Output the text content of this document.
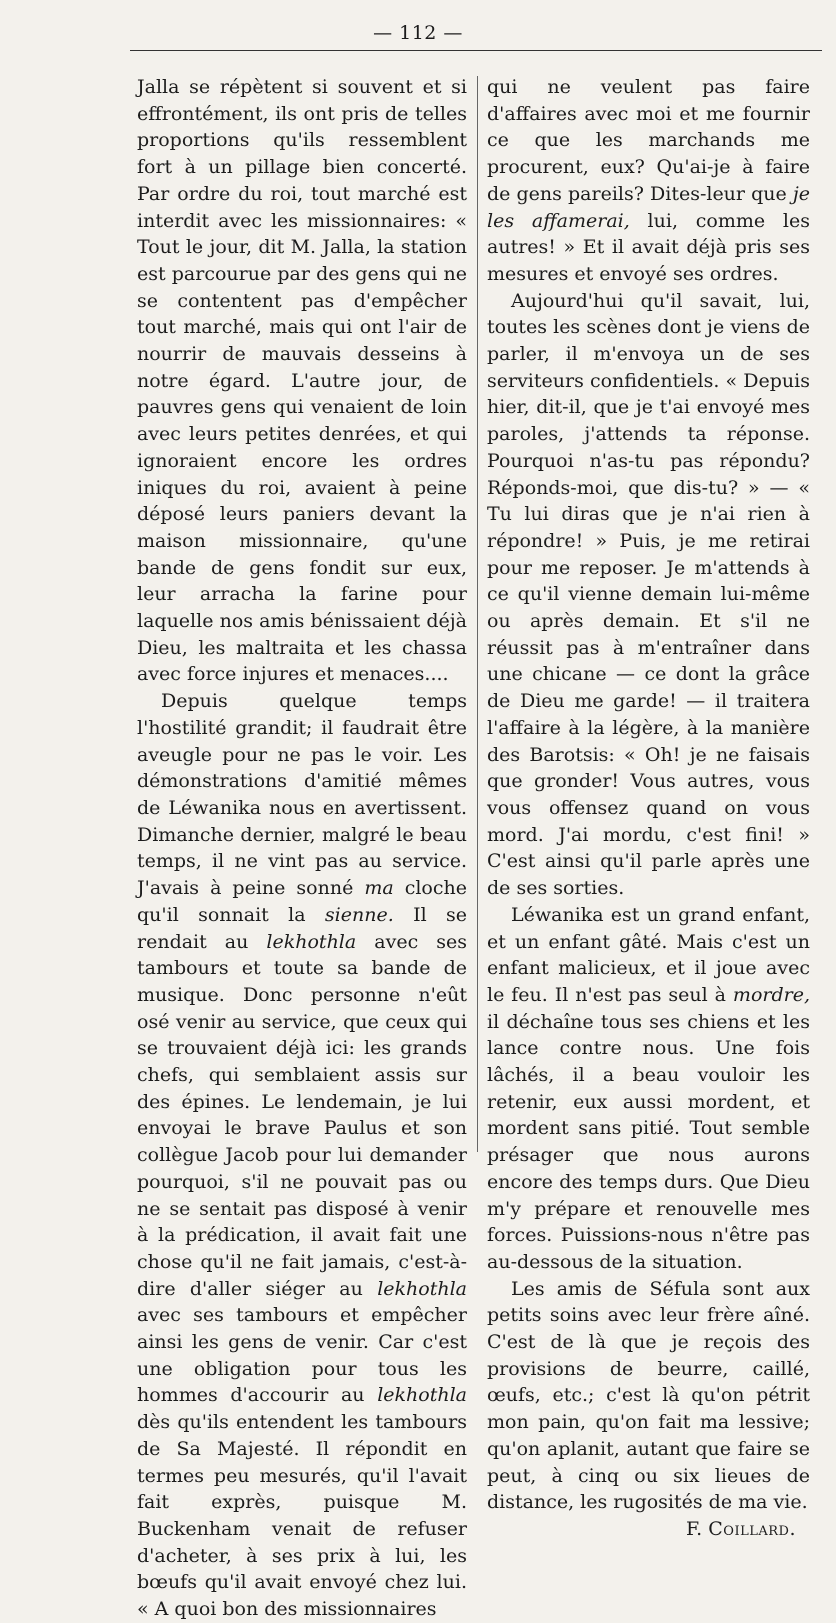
— 112 —

Jalla se répètent si souvent et si effrontément, ils ont pris de telles proportions qu'ils ressemblent fort à un pillage bien concerté. Par ordre du roi, tout marché est interdit avec les missionnaires: « Tout le jour, dit M. Jalla, la station est parcourue par des gens qui ne se contentent pas d'empêcher tout marché, mais qui ont l'air de nourrir de mauvais desseins à notre égard. L'autre jour, de pauvres gens qui venaient de loin avec leurs petites denrées, et qui ignoraient encore les ordres iniques du roi, avaient à peine déposé leurs paniers devant la maison missionnaire, qu'une bande de gens fondit sur eux, leur arracha la farine pour laquelle nos amis bénissaient déjà Dieu, les maltraita et les chassa avec force injures et menaces....

Depuis quelque temps l'hostilité grandit; il faudrait être aveugle pour ne pas le voir. Les démonstrations d'amitié mêmes de Léwanika nous en avertissent. Dimanche dernier, malgré le beau temps, il ne vint pas au service. J'avais à peine sonné ma cloche qu'il sonnait la sienne. Il se rendait au lekhothla avec ses tambours et toute sa bande de musique. Donc personne n'eût osé venir au service, que ceux qui se trouvaient déjà ici: les grands chefs, qui semblaient assis sur des épines. Le lendemain, je lui envoyai le brave Paulus et son collègue Jacob pour lui demander pourquoi, s'il ne pouvait pas ou ne se sentait pas disposé à venir à la prédication, il avait fait une chose qu'il ne fait jamais, c'est-à-dire d'aller siéger au lekhothla avec ses tambours et empêcher ainsi les gens de venir. Car c'est une obligation pour tous les hommes d'accourir au lekhothla dès qu'ils entendent les tambours de Sa Majesté. Il répondit en termes peu mesurés, qu'il l'avait fait exprès, puisque M. Buckenham venait de refuser d'acheter, à ses prix à lui, les bœufs qu'il avait envoyé chez lui. « A quoi bon des missionnaires

qui ne veulent pas faire d'affaires avec moi et me fournir ce que les marchands me procurent, eux? Qu'ai-je à faire de gens pareils? Dites-leur que je les affamerai, lui, comme les autres! » Et il avait déjà pris ses mesures et envoyé ses ordres.

Aujourd'hui qu'il savait, lui, toutes les scènes dont je viens de parler, il m'envoya un de ses serviteurs confidentiels. « Depuis hier, dit-il, que je t'ai envoyé mes paroles, j'attends ta réponse. Pourquoi n'as-tu pas répondu? Réponds-moi, que dis-tu? » — « Tu lui diras que je n'ai rien à répondre! » Puis, je me retirai pour me reposer. Je m'attends à ce qu'il vienne demain lui-même ou après demain. Et s'il ne réussit pas à m'entraîner dans une chicane — ce dont la grâce de Dieu me garde! — il traitera l'affaire à la légère, à la manière des Barotsis: « Oh! je ne faisais que gronder! Vous autres, vous vous offensez quand on vous mord. J'ai mordu, c'est fini! » C'est ainsi qu'il parle après une de ses sorties.

Léwanika est un grand enfant, et un enfant gâté. Mais c'est un enfant malicieux, et il joue avec le feu. Il n'est pas seul à mordre, il déchaîne tous ses chiens et les lance contre nous. Une fois lâchés, il a beau vouloir les retenir, eux aussi mordent, et mordent sans pitié. Tout semble présager que nous aurons encore des temps durs. Que Dieu m'y prépare et renouvelle mes forces. Puissions-nous n'être pas au-dessous de la situation.

Les amis de Séfula sont aux petits soins avec leur frère aîné. C'est de là que je reçois des provisions de beurre, caillé, œufs, etc.; c'est là qu'on pétrit mon pain, qu'on fait ma lessive; qu'on aplanit, autant que faire se peut, à cinq ou six lieues de distance, les rugosités de ma vie.

F. Coillard.
